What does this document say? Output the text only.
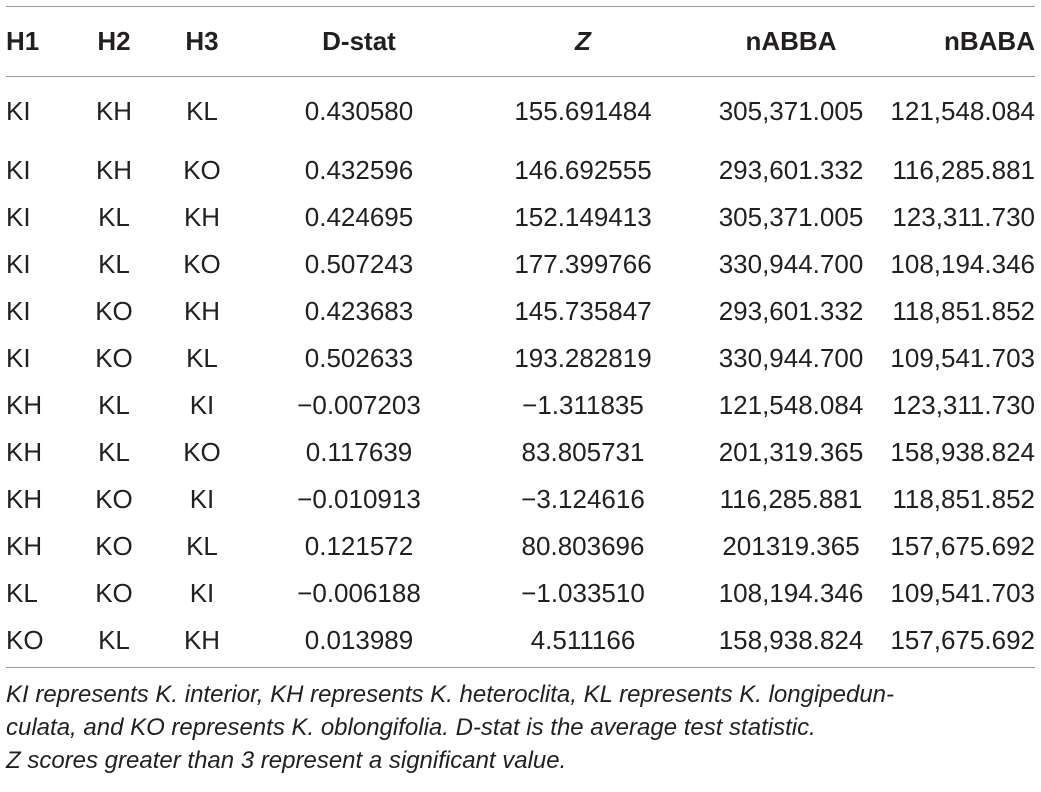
H1	H2	H3	D-stat	Z	nABBA	nBABA
KI	KH	KL	0.430580	155.691484	305,371.005	121,548.084
KI	KH	KO	0.432596	146.692555	293,601.332	116,285.881
KI	KL	KH	0.424695	152.149413	305,371.005	123,311.730
KI	KL	KO	0.507243	177.399766	330,944.700	108,194.346
KI	KO	KH	0.423683	145.735847	293,601.332	118,851.852
KI	KO	KL	0.502633	193.282819	330,944.700	109,541.703
KH	KL	KI	−0.007203	−1.311835	121,548.084	123,311.730
KH	KL	KO	0.117639	83.805731	201,319.365	158,938.824
KH	KO	KI	−0.010913	−3.124616	116,285.881	118,851.852
KH	KO	KL	0.121572	80.803696	201319.365	157,675.692
KL	KO	KI	−0.006188	−1.033510	108,194.346	109,541.703
KO	KL	KH	0.013989	4.511166	158,938.824	157,675.692

KI represents K. interior, KH represents K. heteroclita, KL represents K. longipedun-

culata, and KO represents K. oblongifolia. D-stat is the average test statistic.

Z scores greater than 3 represent a significant value.
